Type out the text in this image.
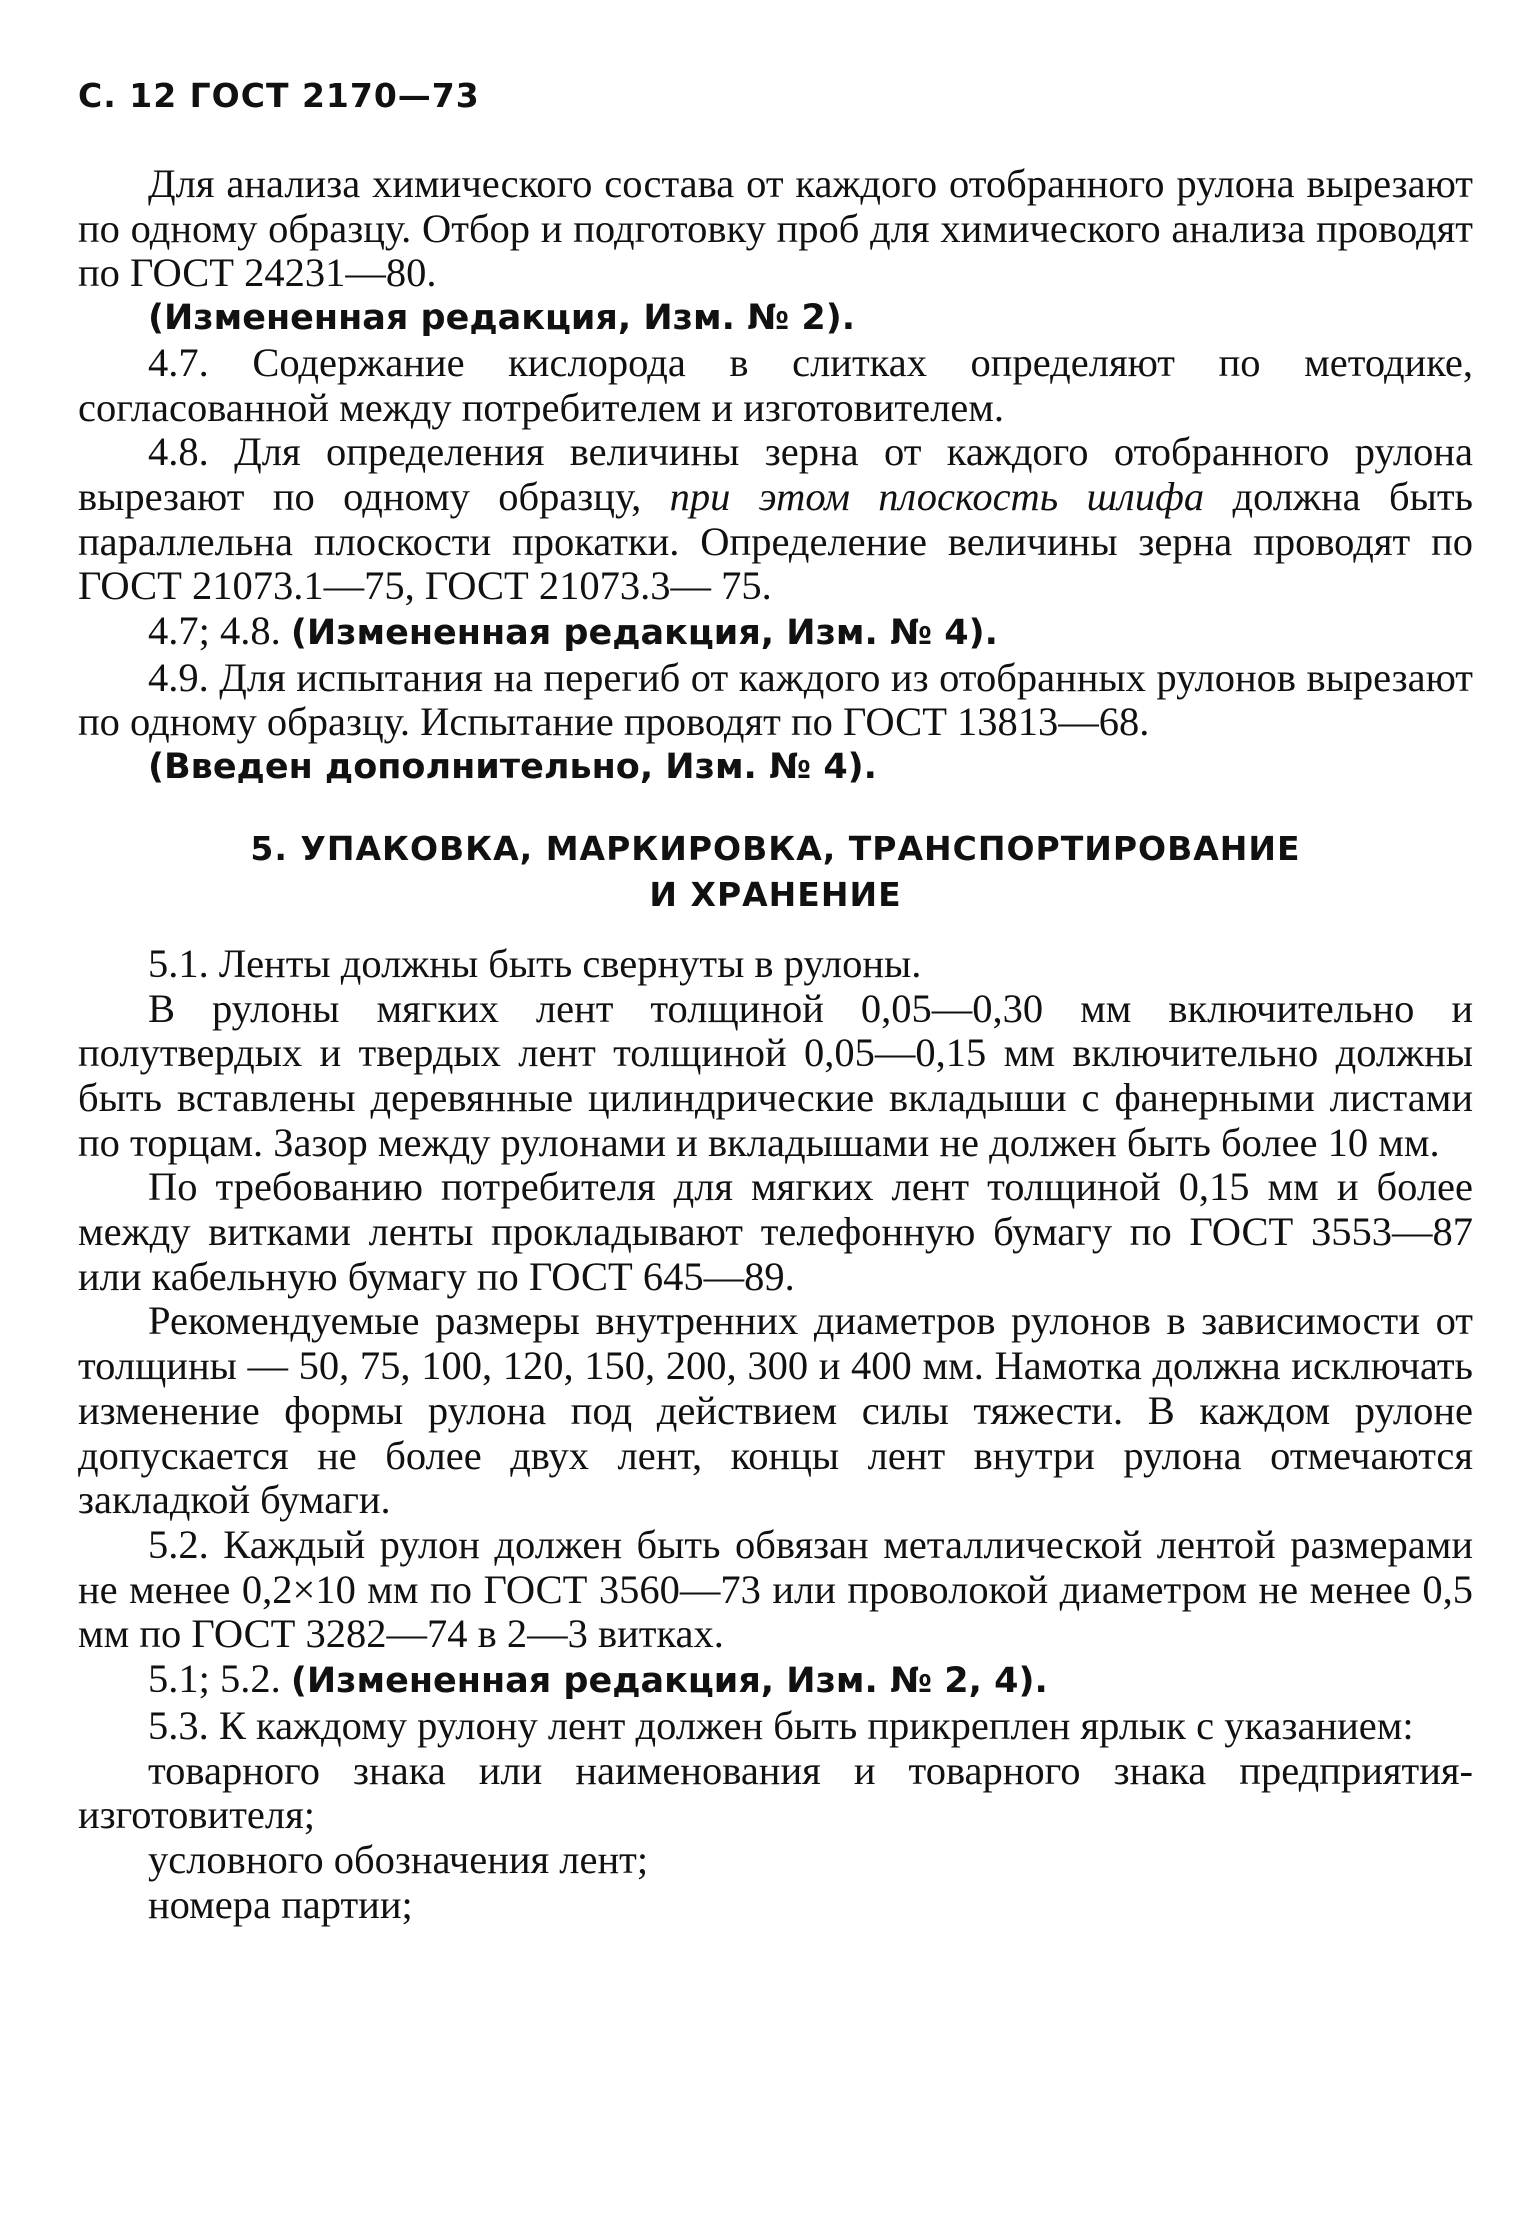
С. 12 ГОСТ 2170—73

Для анализа химического состава от каждого отобранного рулона вырезают по одному образцу. Отбор и подготовку проб для химического анализа проводят по ГОСТ 24231—80.

(Измененная редакция, Изм. № 2).

4.7. Содержание кислорода в слитках определяют по методике, согласованной между потребителем и изготовителем.

4.8. Для определения величины зерна от каждого отобранного рулона вырезают по одному образцу, при этом плоскость шлифа должна быть параллельна плоскости прокатки. Определение величины зерна проводят по ГОСТ 21073.1—75, ГОСТ 21073.3— 75.

4.7; 4.8. (Измененная редакция, Изм. № 4).

4.9. Для испытания на перегиб от каждого из отобранных рулонов вырезают по одному образцу. Испытание проводят по ГОСТ 13813—68.

(Введен дополнительно, Изм. № 4).

5. УПАКОВКА, МАРКИРОВКА, ТРАНСПОРТИРОВАНИЕ
И ХРАНЕНИЕ

5.1. Ленты должны быть свернуты в рулоны.

В рулоны мягких лент толщиной 0,05—0,30 мм включительно и полутвердых и твердых лент толщиной 0,05—0,15 мм включительно должны быть вставлены деревянные цилиндрические вкладыши с фанерными листами по торцам. Зазор между рулонами и вкладышами не должен быть более 10 мм.

По требованию потребителя для мягких лент толщиной 0,15 мм и более между витками ленты прокладывают телефонную бумагу по ГОСТ 3553—87 или кабельную бумагу по ГОСТ 645—89.

Рекомендуемые размеры внутренних диаметров рулонов в зависимости от толщины — 50, 75, 100, 120, 150, 200, 300 и 400 мм. Намотка должна исключать изменение формы рулона под действием силы тяжести. В каждом рулоне допускается не более двух лент, концы лент внутри рулона отмечаются закладкой бумаги.

5.2. Каждый рулон должен быть обвязан металлической лентой размерами не менее 0,2×10 мм по ГОСТ 3560—73 или проволокой диаметром не менее 0,5 мм по ГОСТ 3282—74 в 2—3 витках.

5.1; 5.2. (Измененная редакция, Изм. № 2, 4).

5.3. К каждому рулону лент должен быть прикреплен ярлык с указанием:

товарного знака или наименования и товарного знака предприятия-изготовителя;

условного обозначения лент;

номера партии;
